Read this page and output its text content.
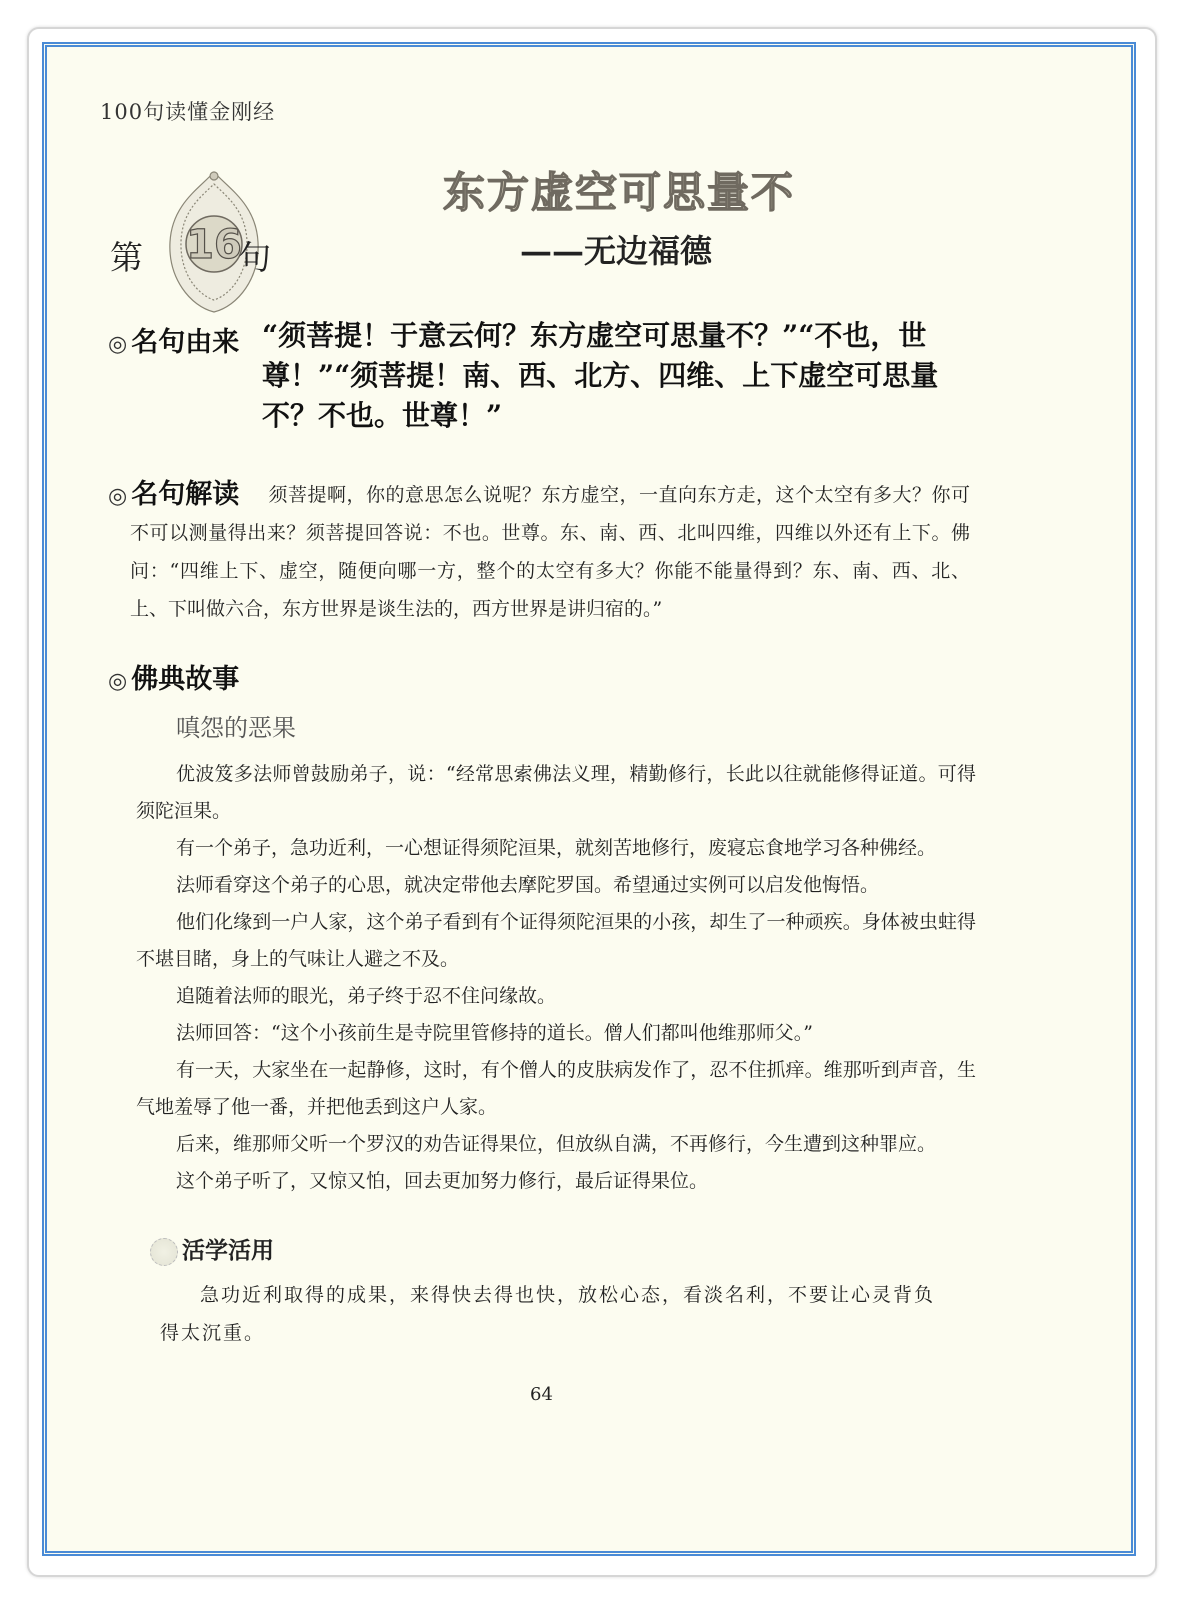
100句读懂金刚经
16
第	句
东方虚空可思量不
——无边福德
◎ 名句由来 “须菩提！于意云何？东方虚空可思量不？”“不也，世尊！”“须菩提！南、西、北方、四维、上下虚空可思量不？不也。世尊！”
◎ 名句解读	须菩提啊，你的意思怎么说呢？东方虚空，一直向东方走，这个太空有多大？你可不可以测量得出来？须菩提回答说：不也。世尊。东、南、西、北叫四维，四维以外还有上下。佛问：“四维上下、虚空，随便向哪一方，整个的太空有多大？你能不能量得到？东、南、西、北、上、下叫做六合，东方世界是谈生法的，西方世界是讲归宿的。”
◎ 佛典故事
嗔怨的恶果

优波笈多法师曾鼓励弟子，说：“经常思索佛法义理，精勤修行，长此以往就能修得证道。可得须陀洹果。

有一个弟子，急功近利，一心想证得须陀洹果，就刻苦地修行，废寝忘食地学习各种佛经。

法师看穿这个弟子的心思，就决定带他去摩陀罗国。希望通过实例可以启发他悔悟。

他们化缘到一户人家，这个弟子看到有个证得须陀洹果的小孩，却生了一种顽疾。身体被虫蛀得不堪目睹，身上的气味让人避之不及。

追随着法师的眼光，弟子终于忍不住问缘故。

法师回答：“这个小孩前生是寺院里管修持的道长。僧人们都叫他维那师父。”

有一天，大家坐在一起静修，这时，有个僧人的皮肤病发作了，忍不住抓痒。维那听到声音，生气地羞辱了他一番，并把他丢到这户人家。

后来，维那师父听一个罗汉的劝告证得果位，但放纵自满，不再修行，今生遭到这种罪应。

这个弟子听了，又惊又怕，回去更加努力修行，最后证得果位。

活学活用

急功近利取得的成果，来得快去得也快，放松心态，看淡名利，不要让心灵背负得太沉重。

64
